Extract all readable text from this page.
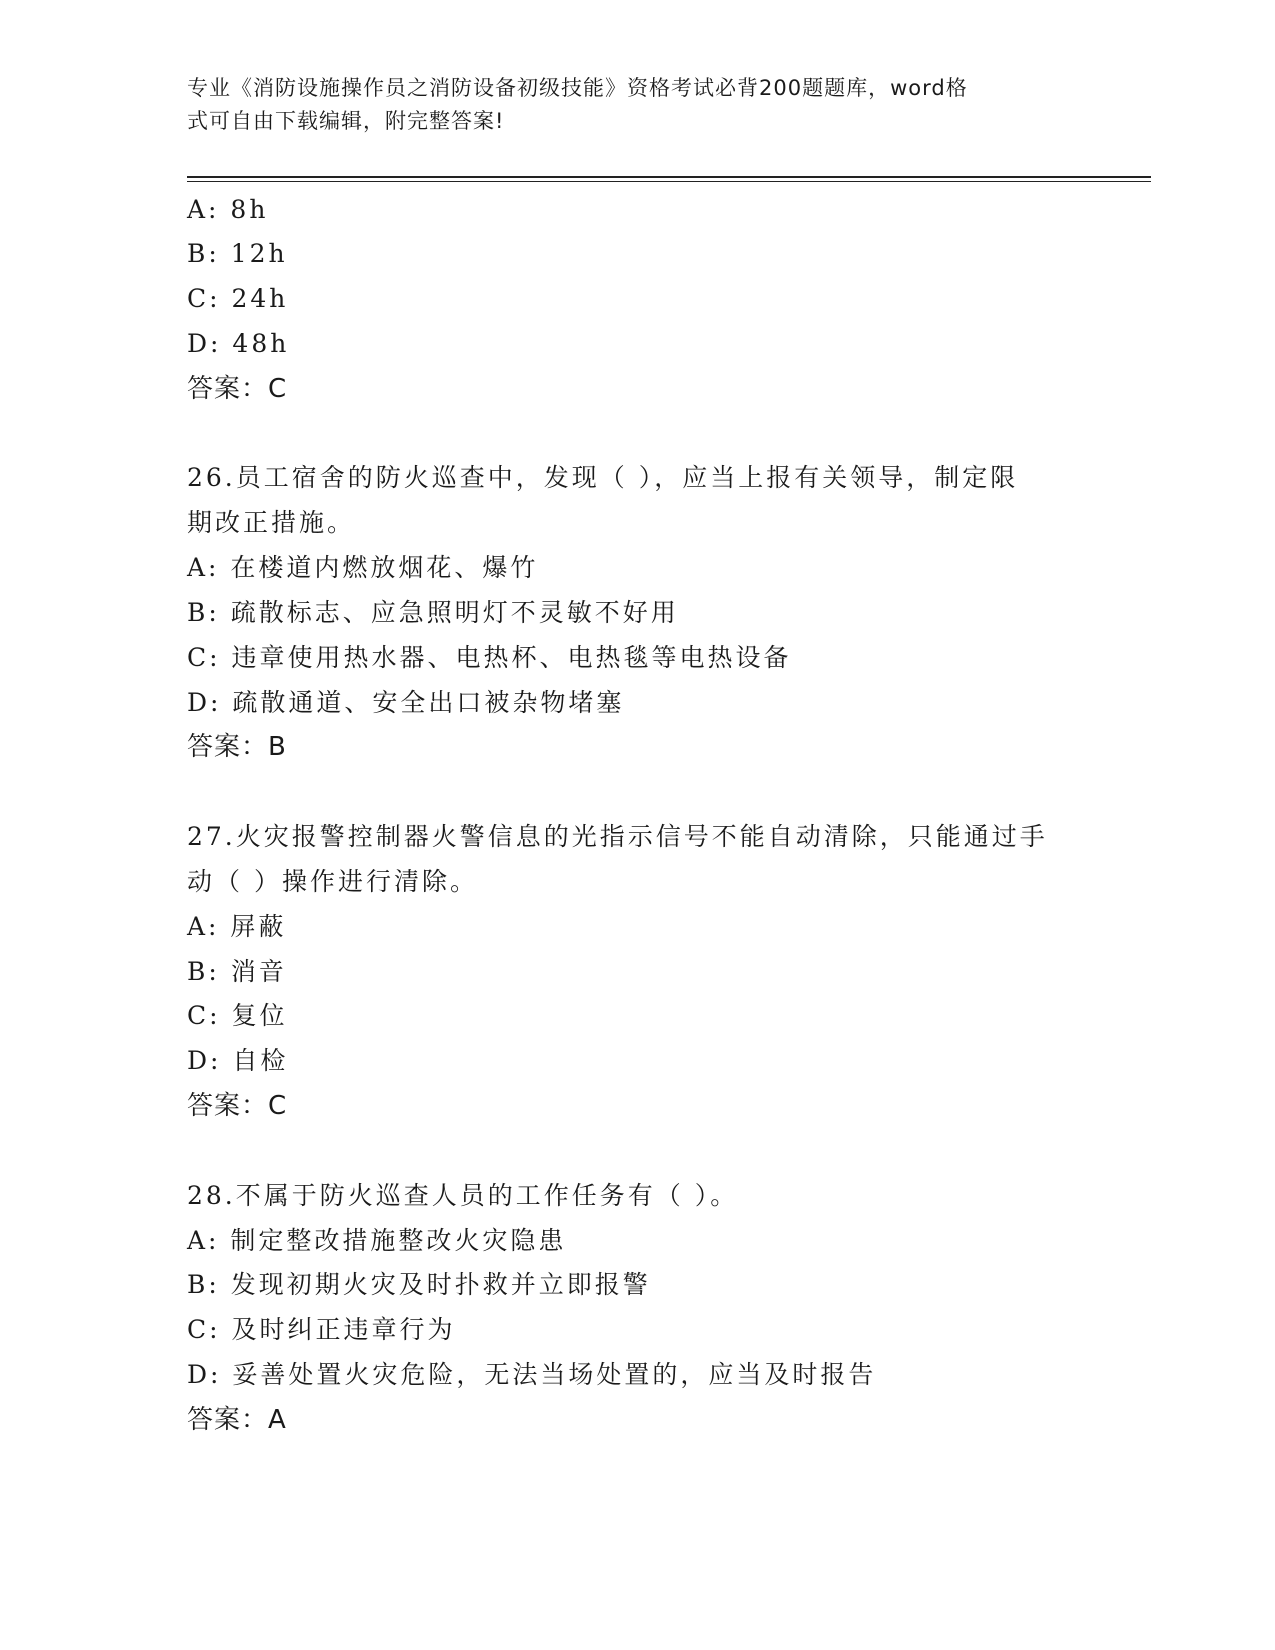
专业《消防设施操作员之消防设备初级技能》资格考试必背200题题库，word格
式可自由下载编辑，附完整答案!
A: 8h
B: 12h
C: 24h
D: 48h
答案：C
26.员工宿舍的防火巡查中，发现（ ），应当上报有关领导，制定限
期改正措施。
A: 在楼道内燃放烟花、爆竹
B: 疏散标志、应急照明灯不灵敏不好用
C: 违章使用热水器、电热杯、电热毯等电热设备
D: 疏散通道、安全出口被杂物堵塞
答案：B
27.火灾报警控制器火警信息的光指示信号不能自动清除，只能通过手
动（ ）操作进行清除。
A: 屏蔽
B: 消音
C: 复位
D: 自检
答案：C
28.不属于防火巡查人员的工作任务有（ ）。
A: 制定整改措施整改火灾隐患
B: 发现初期火灾及时扑救并立即报警
C: 及时纠正违章行为
D: 妥善处置火灾危险，无法当场处置的，应当及时报告
答案：A
